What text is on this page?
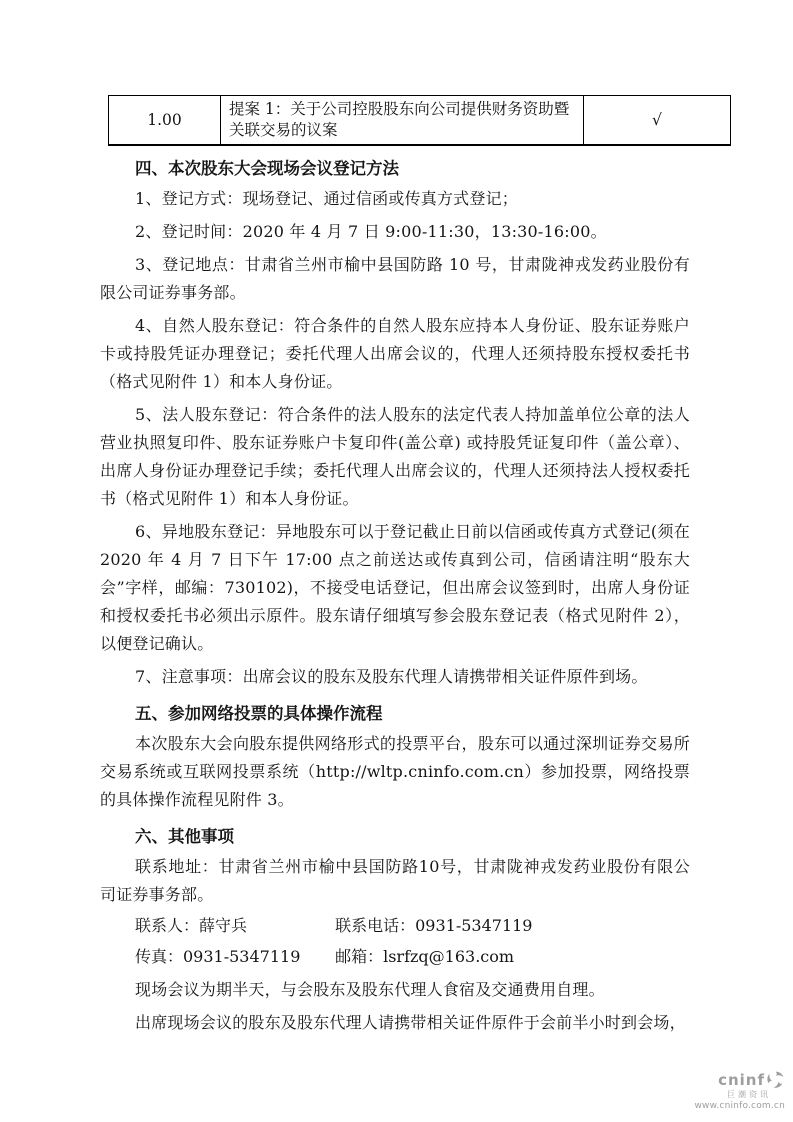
1.00	提案 1：关于公司控股股东向公司提供财务资助暨关联交易的议案	√
四、本次股东大会现场会议登记方法

1、登记方式：现场登记、通过信函或传真方式登记；

2、登记时间：2020 年 4 月 7 日 9:00-11:30，13:30-16:00。

3、登记地点：甘肃省兰州市榆中县国防路 10 号，甘肃陇神戎发药业股份有限公司证券事务部。

4、自然人股东登记：符合条件的自然人股东应持本人身份证、股东证券账户卡或持股凭证办理登记；委托代理人出席会议的，代理人还须持股东授权委托书（格式见附件 1）和本人身份证。

5、法人股东登记：符合条件的法人股东的法定代表人持加盖单位公章的法人营业执照复印件、股东证券账户卡复印件(盖公章) 或持股凭证复印件（盖公章）、出席人身份证办理登记手续；委托代理人出席会议的，代理人还须持法人授权委托书（格式见附件 1）和本人身份证。

6、异地股东登记：异地股东可以于登记截止日前以信函或传真方式登记(须在 2020 年 4 月 7 日下午 17:00 点之前送达或传真到公司，信函请注明“股东大会”字样，邮编：730102)，不接受电话登记，但出席会议签到时，出席人身份证和授权委托书必须出示原件。股东请仔细填写参会股东登记表（格式见附件 2），以便登记确认。

7、注意事项：出席会议的股东及股东代理人请携带相关证件原件到场。

五、参加网络投票的具体操作流程

本次股东大会向股东提供网络形式的投票平台，股东可以通过深圳证券交易所交易系统或互联网投票系统（http://wltp.cninfo.com.cn）参加投票，网络投票的具体操作流程见附件 3。

六、其他事项

联系地址：甘肃省兰州市榆中县国防路10号，甘肃陇神戎发药业股份有限公司证券事务部。

联系人：薛守兵	联系电话：0931-5347119
传真：0931-5347119 邮箱：lsrfzq@163.com

现场会议为期半天，与会股东及股东代理人食宿及交通费用自理。

出席现场会议的股东及股东代理人请携带相关证件原件于会前半小时到会场，

cninf
巨潮资讯
www.cninfo.com.cn
